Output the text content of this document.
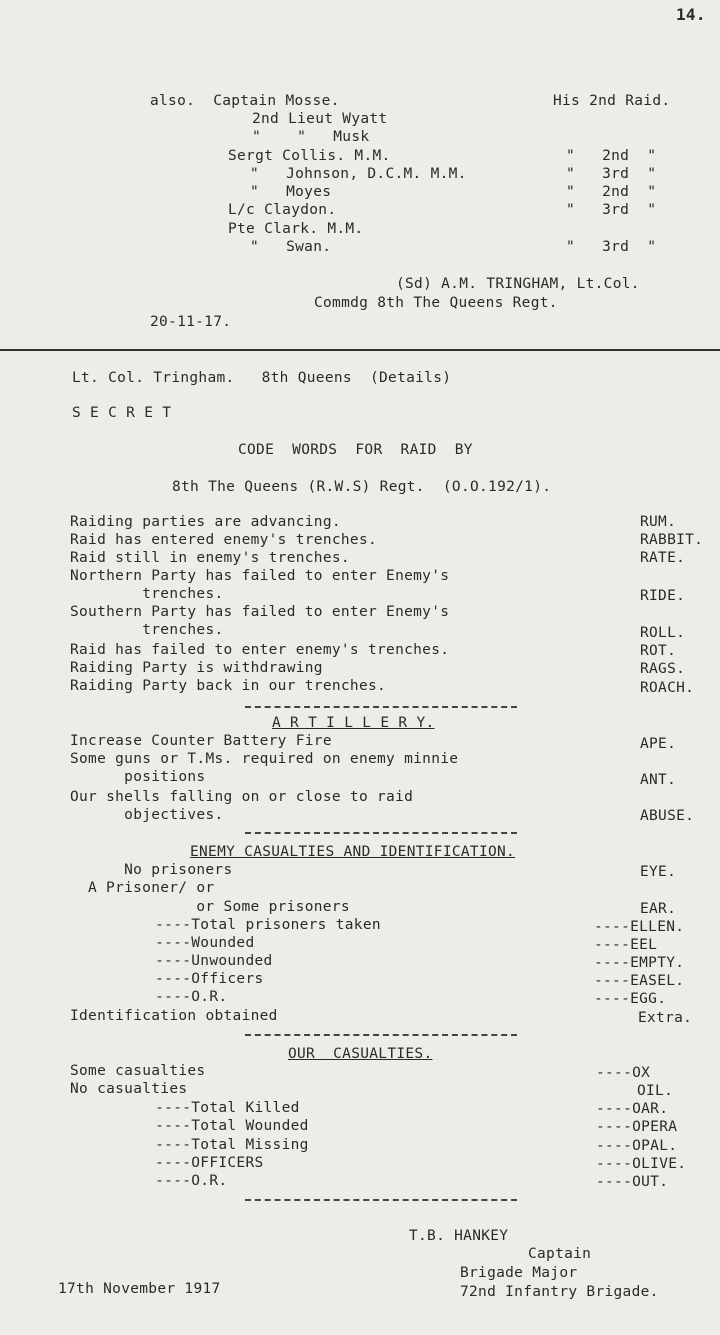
14.
also.  Captain Mosse.	His 2nd Raid.
2nd Lieut Wyatt
"    "   Musk
Sergt Collis. M.M.	"   2nd  "
"   Johnson, D.C.M. M.M.	"   3rd  "
"   Moyes	"   2nd  "
L/c Claydon.	"   3rd  "
Pte Clark. M.M.
"   Swan.	"   3rd  "
(Sd) A.M. TRINGHAM, Lt.Col.
Commdg 8th The Queens Regt.
20-11-17.
Lt. Col. Tringham.   8th Queens  (Details)
S E C R E T
CODE  WORDS  FOR  RAID  BY
8th The Queens (R.W.S) Regt.  (O.O.192/1).
Raiding parties are advancing.	RUM.
Raid has entered enemy's trenches.	RABBIT.
Raid still in enemy's trenches.	RATE.
Northern Party has failed to enter Enemy's
trenches.	RIDE.
Southern Party has failed to enter Enemy's
trenches.	ROLL.
Raid has failed to enter enemy's trenches.	ROT.
Raiding Party is withdrawing	RAGS.
Raiding Party back in our trenches.	ROACH.
A R T I L L E R Y.
Increase Counter Battery Fire	APE.
Some guns or T.Ms. required on enemy minnie
positions	ANT.
Our shells falling on or close to raid
objectives.	ABUSE.
ENEMY CASUALTIES AND IDENTIFICATION.
No prisoners	EYE.
A Prisoner/ or
or Some prisoners	EAR.
----Total prisoners taken	----ELLEN.
----Wounded	----EEL
----Unwounded	----EMPTY.
----Officers	----EASEL.
----O.R.	----EGG.
Identification obtained	Extra.
OUR  CASUALTIES.
Some casualties	----OX
No casualties	OIL.
----Total Killed	----OAR.
----Total Wounded	----OPERA
----Total Missing	----OPAL.
----OFFICERS	----OLIVE.
----O.R.	----OUT.
T.B. HANKEY
Captain
Brigade Major
72nd Infantry Brigade.
17th November 1917
